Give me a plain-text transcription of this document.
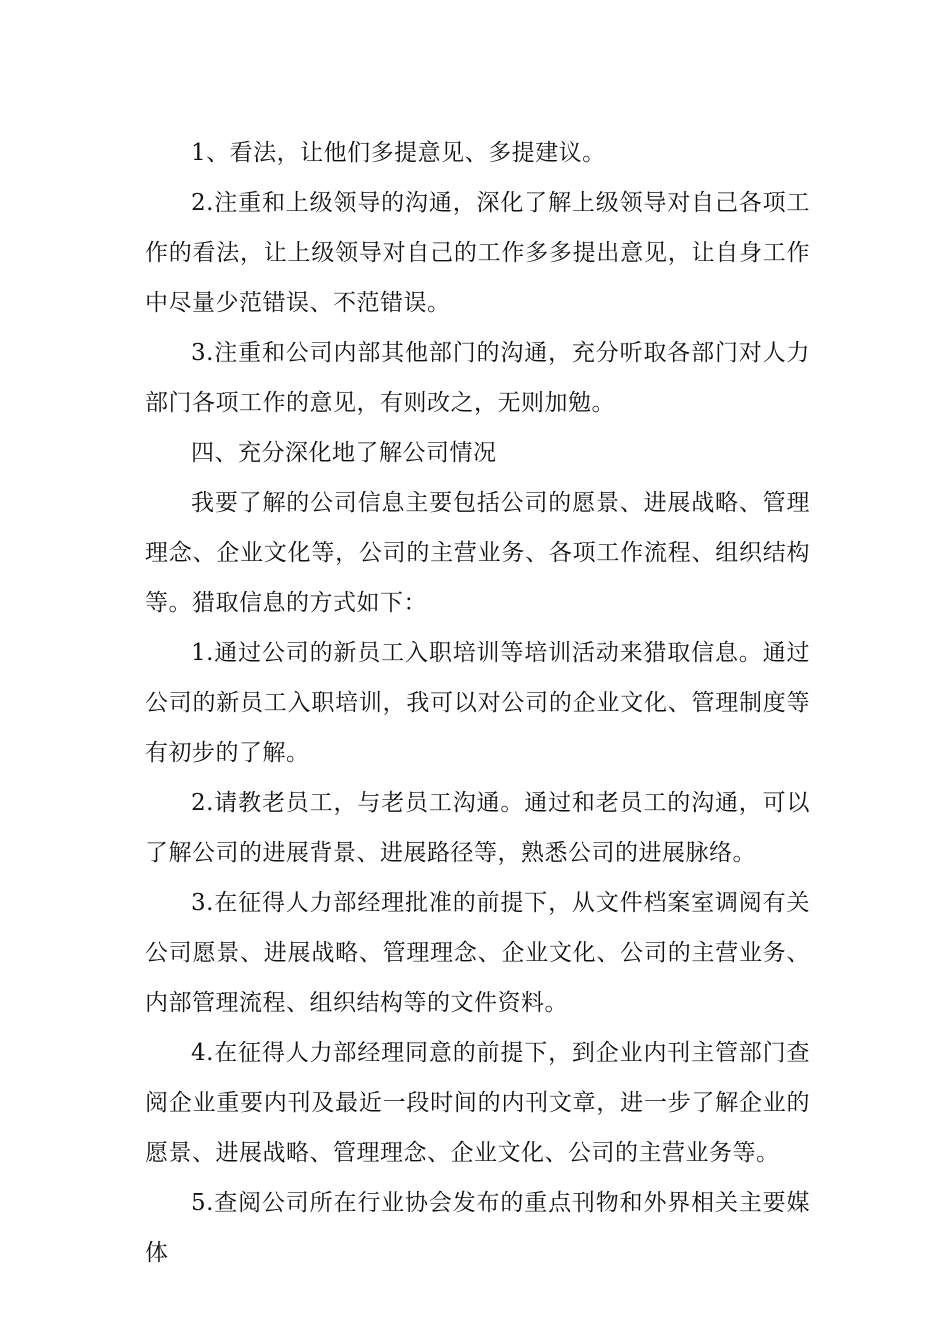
1、看法，让他们多提意见、多提建议。

2.注重和上级领导的沟通，深化了解上级领导对自己各项工作的看法，让上级领导对自己的工作多多提出意见，让自身工作中尽量少范错误、不范错误。

3.注重和公司内部其他部门的沟通，充分听取各部门对人力部门各项工作的意见，有则改之，无则加勉。

四、充分深化地了解公司情况

我要了解的公司信息主要包括公司的愿景、进展战略、管理理念、企业文化等，公司的主营业务、各项工作流程、组织结构等。猎取信息的方式如下：

1.通过公司的新员工入职培训等培训活动来猎取信息。通过公司的新员工入职培训，我可以对公司的企业文化、管理制度等有初步的了解。

2.请教老员工，与老员工沟通。通过和老员工的沟通，可以了解公司的进展背景、进展路径等，熟悉公司的进展脉络。

3.在征得人力部经理批准的前提下，从文件档案室调阅有关公司愿景、进展战略、管理理念、企业文化、公司的主营业务、内部管理流程、组织结构等的文件资料。

4.在征得人力部经理同意的前提下，到企业内刊主管部门查阅企业重要内刊及最近一段时间的内刊文章，进一步了解企业的愿景、进展战略、管理理念、企业文化、公司的主营业务等。

5.查阅公司所在行业协会发布的重点刊物和外界相关主要媒体
